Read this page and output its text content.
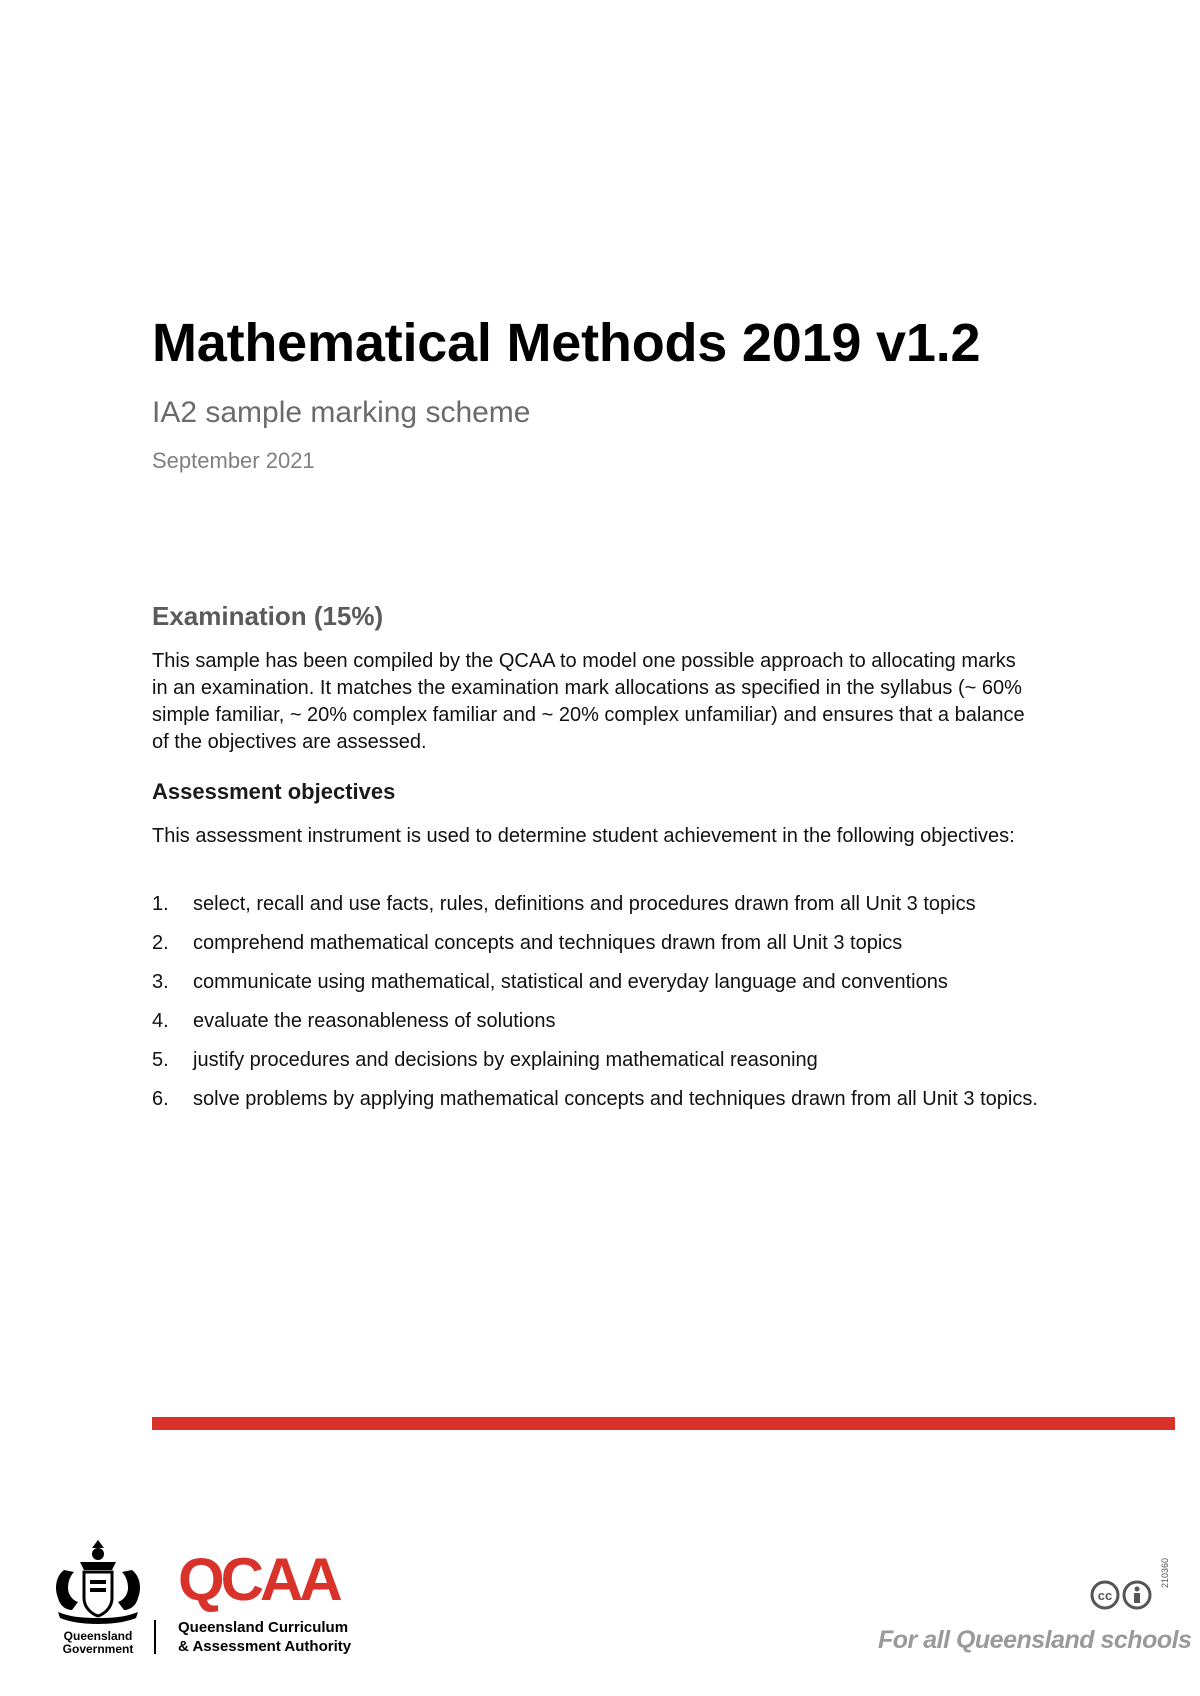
Mathematical Methods 2019 v1.2

IA2 sample marking scheme

September 2021

Examination (15%)

This sample has been compiled by the QCAA to model one possible approach to allocating marks in an examination. It matches the examination mark allocations as specified in the syllabus (~ 60% simple familiar, ~ 20% complex familiar and ~ 20% complex unfamiliar) and ensures that a balance of the objectives are assessed.

Assessment objectives

This assessment instrument is used to determine student achievement in the following objectives:

1. select, recall and use facts, rules, definitions and procedures drawn from all Unit 3 topics
2. comprehend mathematical concepts and techniques drawn from all Unit 3 topics
3. communicate using mathematical, statistical and everyday language and conventions
4. evaluate the reasonableness of solutions
5. justify procedures and decisions by explaining mathematical reasoning
6. solve problems by applying mathematical concepts and techniques drawn from all Unit 3 topics.
Queensland
Government

QCAA

Queensland Curriculum
& Assessment Authority
cc

210360

For all Queensland schools
